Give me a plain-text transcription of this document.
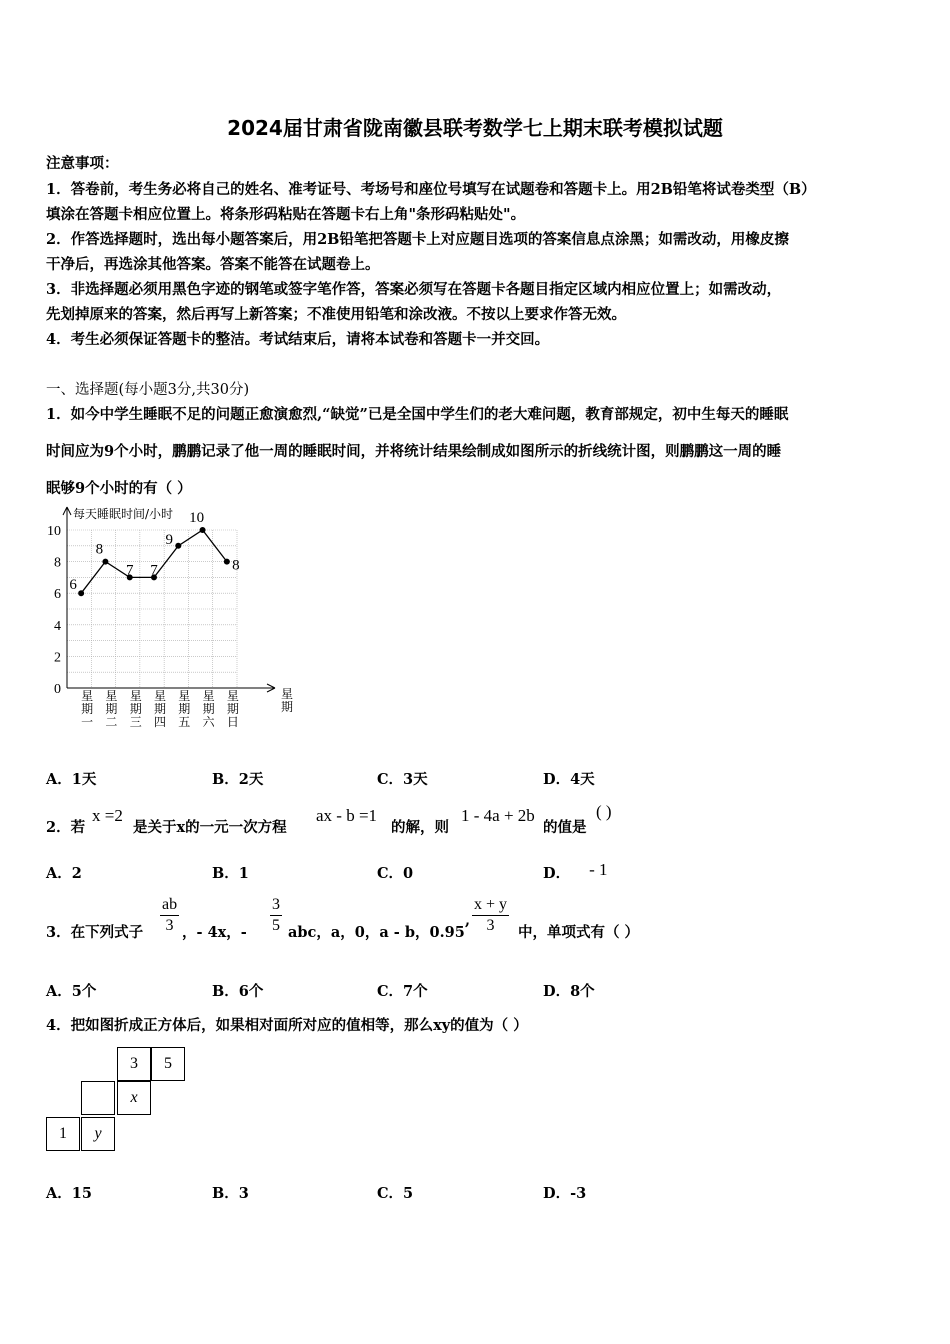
2024届甘肃省陇南徽县联考数学七上期末联考模拟试题
注意事项：
1．答卷前，考生务必将自己的姓名、准考证号、考场号和座位号填写在试题卷和答题卡上。用2B铅笔将试卷类型（B）
填涂在答题卡相应位置上。将条形码粘贴在答题卡右上角"条形码粘贴处"。
2．作答选择题时，选出每小题答案后，用2B铅笔把答题卡上对应题目选项的答案信息点涂黑；如需改动，用橡皮擦
干净后，再选涂其他答案。答案不能答在试题卷上。
3．非选择题必须用黑色字迹的钢笔或签字笔作答，答案必须写在答题卡各题目指定区域内相应位置上；如需改动，
先划掉原来的答案，然后再写上新答案；不准使用铅笔和涂改液。不按以上要求作答无效。
4．考生必须保证答题卡的整洁。考试结束后，请将本试卷和答题卡一并交回。
一、选择题(每小题3分,共30分)
1．如今中学生睡眠不足的问题正愈演愈烈,“缺觉”已是全国中学生们的老大难问题，教育部规定，初中生每天的睡眠
时间应为9个小时，鹏鹏记录了他一周的睡眠时间，并将统计结果绘制成如图所示的折线统计图，则鹏鹏这一周的睡
眠够9个小时的有（ ）
每天睡眠时间/小时
0
2
4
6
8
10
星
期
一
星
期
二
星
期
三
星
期
四
星
期
五
星
期
六
星
期
日
星
期
6
8
7 7
9
10
8
A．1天	B．2天	C．3天	D．4天
2．若
x =2
是关于x的一元一次方程
ax - b =1
的解，则
1 - 4a + 2b
的值是
( )
A．2	B．1	C．0	D． - 1
3．在下列式子 $\frac{ab}{3}$ ，- 4x，- $\frac{3}{5}$ abc，a，0，a - b，0.95
, $\frac{x + y}{3}$ 中，单项式有（ ）
A．5个	B．6个	C．7个	D．8个
4．把如图折成正方体后，如果相对面所对应的值相等，那么xy的值为（ ）
3	5
x
1	y
A．15	B．3	C．5	D．-3
